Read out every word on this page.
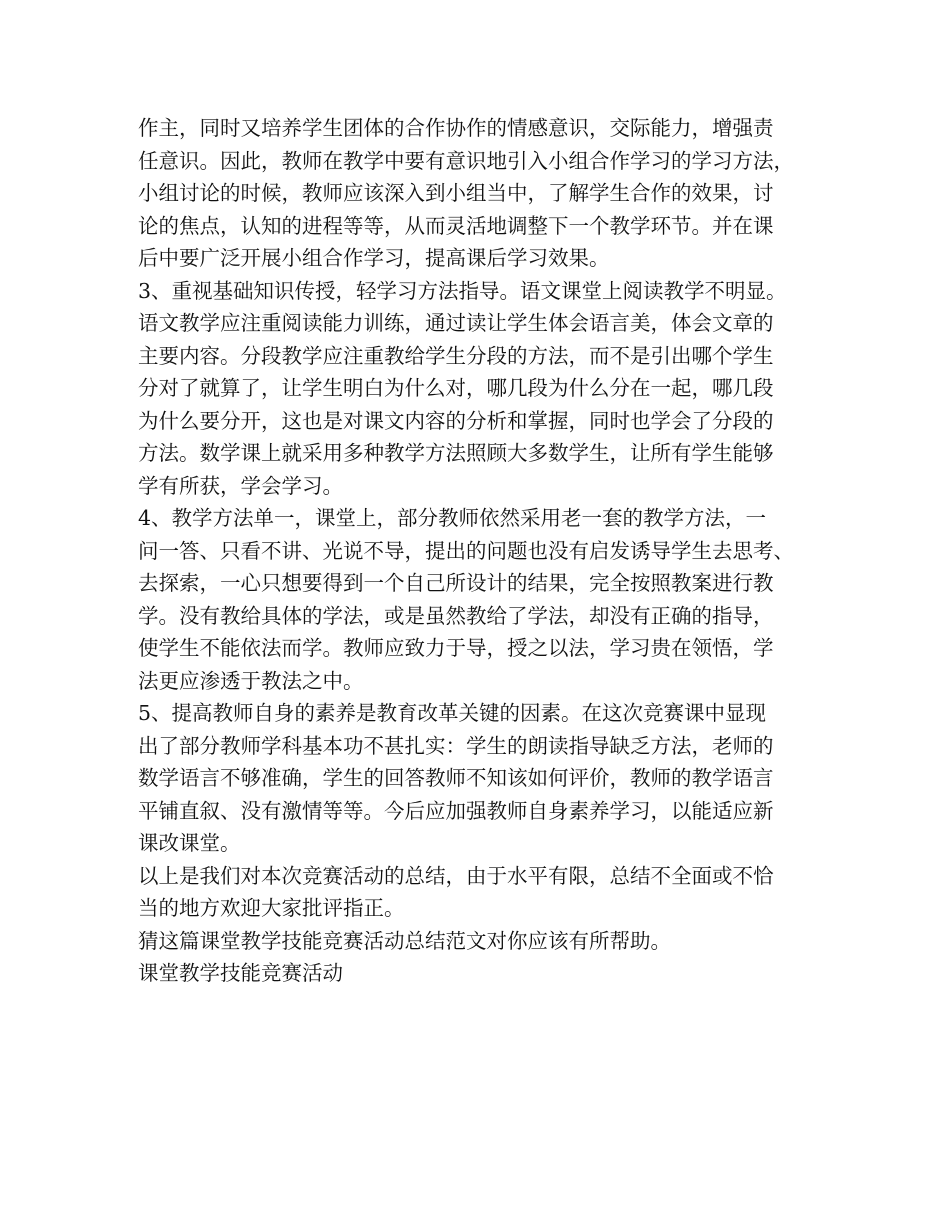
作主，同时又培养学生团体的合作协作的情感意识，交际能力，增强责
任意识。因此，教师在教学中要有意识地引入小组合作学习的学习方法，
小组讨论的时候，教师应该深入到小组当中，了解学生合作的效果，讨
论的焦点，认知的进程等等，从而灵活地调整下一个教学环节。并在课
后中要广泛开展小组合作学习，提高课后学习效果。
3、重视基础知识传授，轻学习方法指导。语文课堂上阅读教学不明显。
语文教学应注重阅读能力训练，通过读让学生体会语言美，体会文章的
主要内容。分段教学应注重教给学生分段的方法，而不是引出哪个学生
分对了就算了，让学生明白为什么对，哪几段为什么分在一起，哪几段
为什么要分开，这也是对课文内容的分析和掌握，同时也学会了分段的
方法。数学课上就采用多种教学方法照顾大多数学生，让所有学生能够
学有所获，学会学习。
4、教学方法单一，课堂上，部分教师依然采用老一套的教学方法，一
问一答、只看不讲、光说不导，提出的问题也没有启发诱导学生去思考、
去探索，一心只想要得到一个自己所设计的结果，完全按照教案进行教
学。没有教给具体的学法，或是虽然教给了学法，却没有正确的指导，
使学生不能依法而学。教师应致力于导，授之以法，学习贵在领悟，学
法更应渗透于教法之中。
5、提高教师自身的素养是教育改革关键的因素。在这次竞赛课中显现
出了部分教师学科基本功不甚扎实：学生的朗读指导缺乏方法，老师的
数学语言不够准确，学生的回答教师不知该如何评价，教师的教学语言
平铺直叙、没有激情等等。今后应加强教师自身素养学习，以能适应新
课改课堂。
以上是我们对本次竞赛活动的总结，由于水平有限，总结不全面或不恰
当的地方欢迎大家批评指正。
猜这篇课堂教学技能竞赛活动总结范文对你应该有所帮助。
课堂教学技能竞赛活动
